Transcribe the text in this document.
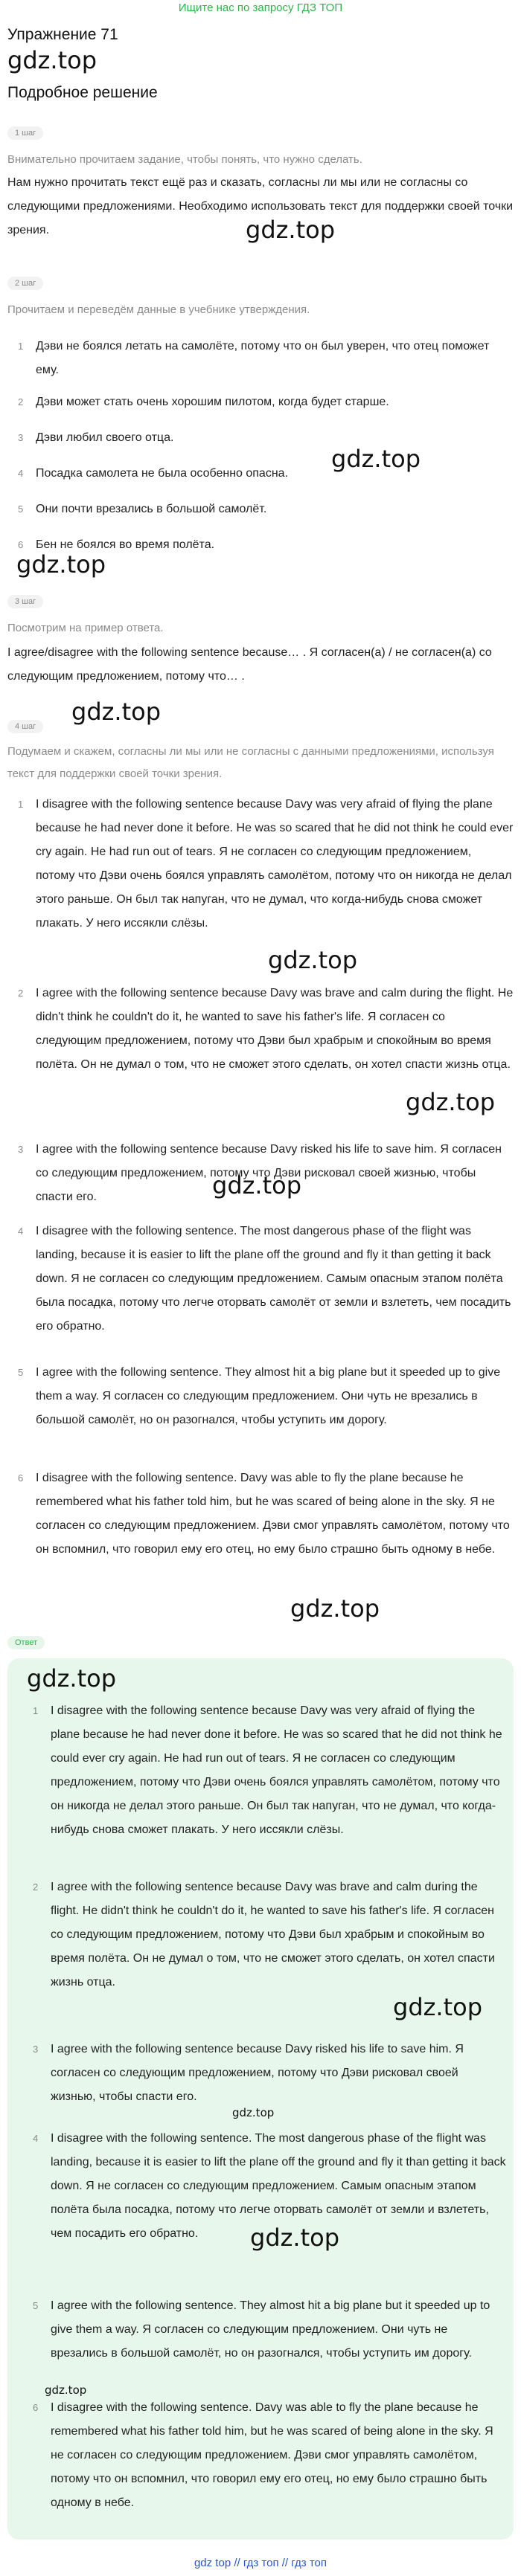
Ищите нас по запросу ГДЗ ТОП
Упражнение 71
gdz.top
Подробное решение
1 шаг
Внимательно прочитаем задание, чтобы понять, что нужно сделать.
Нам нужно прочитать текст ещё раз и сказать, согласны ли мы или не согласны со следующими предложениями. Необходимо использовать текст для поддержки своей точки зрения.	gdz.top
2 шаг
Прочитаем и переведём данные в учебнике утверждения.
1 Дэви не боялся летать на самолёте, потому что он был уверен, что отец поможет ему.
2 Дэви может стать очень хорошим пилотом, когда будет старше.
3 Дэви любил своего отца.
4 Посадка самолета не была особенно опасна.
gdz.top
5 Они почти врезались в большой самолёт.
6 Бен не боялся во время полёта.
gdz.top
3 шаг
Посмотрим на пример ответа.
I agree/disagree with the following sentence because… . Я согласен(а) / не согласен(а) со следующим предложением, потому что… .
gdz.top
4 шаг
Подумаем и скажем, согласны ли мы или не согласны с данными предложениями, используя текст для поддержки своей точки зрения.
1 I disagree with the following sentence because Davy was very afraid of flying the plane because he had never done it before. He was so scared that he did not think he could ever cry again. He had run out of tears. Я не согласен со следующим предложением, потому что Дэви очень боялся управлять самолётом, потому что он никогда не делал этого раньше. Он был так напуган, что не думал, что когда-нибудь снова сможет плакать. У него иссякли слёзы.
gdz.top
2 I agree with the following sentence because Davy was brave and calm during the flight. He didn't think he couldn't do it, he wanted to save his father's life. Я согласен со следующим предложением, потому что Дэви был храбрым и спокойным во время полёта. Он не думал о том, что не сможет этого сделать, он хотел спасти жизнь отца.
gdz.top
3 I agree with the following sentence because Davy risked his life to save him. Я согласен со следующим предложением, потому что Дэви рисковал своей жизнью, чтобы спасти его.	gdz.top
4 I disagree with the following sentence. The most dangerous phase of the flight was landing, because it is easier to lift the plane off the ground and fly it than getting it back down. Я не согласен со следующим предложением. Самым опасным этапом полёта была посадка, потому что легче оторвать самолёт от земли и взлететь, чем посадить его обратно.
5 I agree with the following sentence. They almost hit a big plane but it speeded up to give them a way. Я согласен со следующим предложением. Они чуть не врезались в большой самолёт, но он разогнался, чтобы уступить им дорогу.
6 I disagree with the following sentence. Davy was able to fly the plane because he remembered what his father told him, but he was scared of being alone in the sky. Я не согласен со следующим предложением. Дэви смог управлять самолётом, потому что он вспомнил, что говорил ему его отец, но ему было страшно быть одному в небе.
gdz.top
Ответ
gdz.top
1 I disagree with the following sentence because Davy was very afraid of flying the plane because he had never done it before. He was so scared that he did not think he could ever cry again. He had run out of tears. Я не согласен со следующим предложением, потому что Дэви очень боялся управлять самолётом, потому что он никогда не делал этого раньше. Он был так напуган, что не думал, что когда-нибудь снова сможет плакать. У него иссякли слёзы.
2 I agree with the following sentence because Davy was brave and calm during the flight. He didn't think he couldn't do it, he wanted to save his father's life. Я согласен со следующим предложением, потому что Дэви был храбрым и спокойным во время полёта. Он не думал о том, что не сможет этого сделать, он хотел спасти жизнь отца.
gdz.top
3 I agree with the following sentence because Davy risked his life to save him. Я согласен со следующим предложением, потому что Дэви рисковал своей жизнью, чтобы спасти его.
gdz.top
4 I disagree with the following sentence. The most dangerous phase of the flight was landing, because it is easier to lift the plane off the ground and fly it than getting it back down. Я не согласен со следующим предложением. Самым опасным этапом полёта была посадка, потому что легче оторвать самолёт от земли и взлететь, чем посадить его обратно.	gdz.top
5 I agree with the following sentence. They almost hit a big plane but it speeded up to give them a way. Я согласен со следующим предложением. Они чуть не врезались в большой самолёт, но он разогнался, чтобы уступить им дорогу.
gdz.top
6 I disagree with the following sentence. Davy was able to fly the plane because he remembered what his father told him, but he was scared of being alone in the sky. Я не согласен со следующим предложением. Дэви смог управлять самолётом, потому что он вспомнил, что говорил ему его отец, но ему было страшно быть одному в небе.
gdz top // гдз топ // гдз топ
